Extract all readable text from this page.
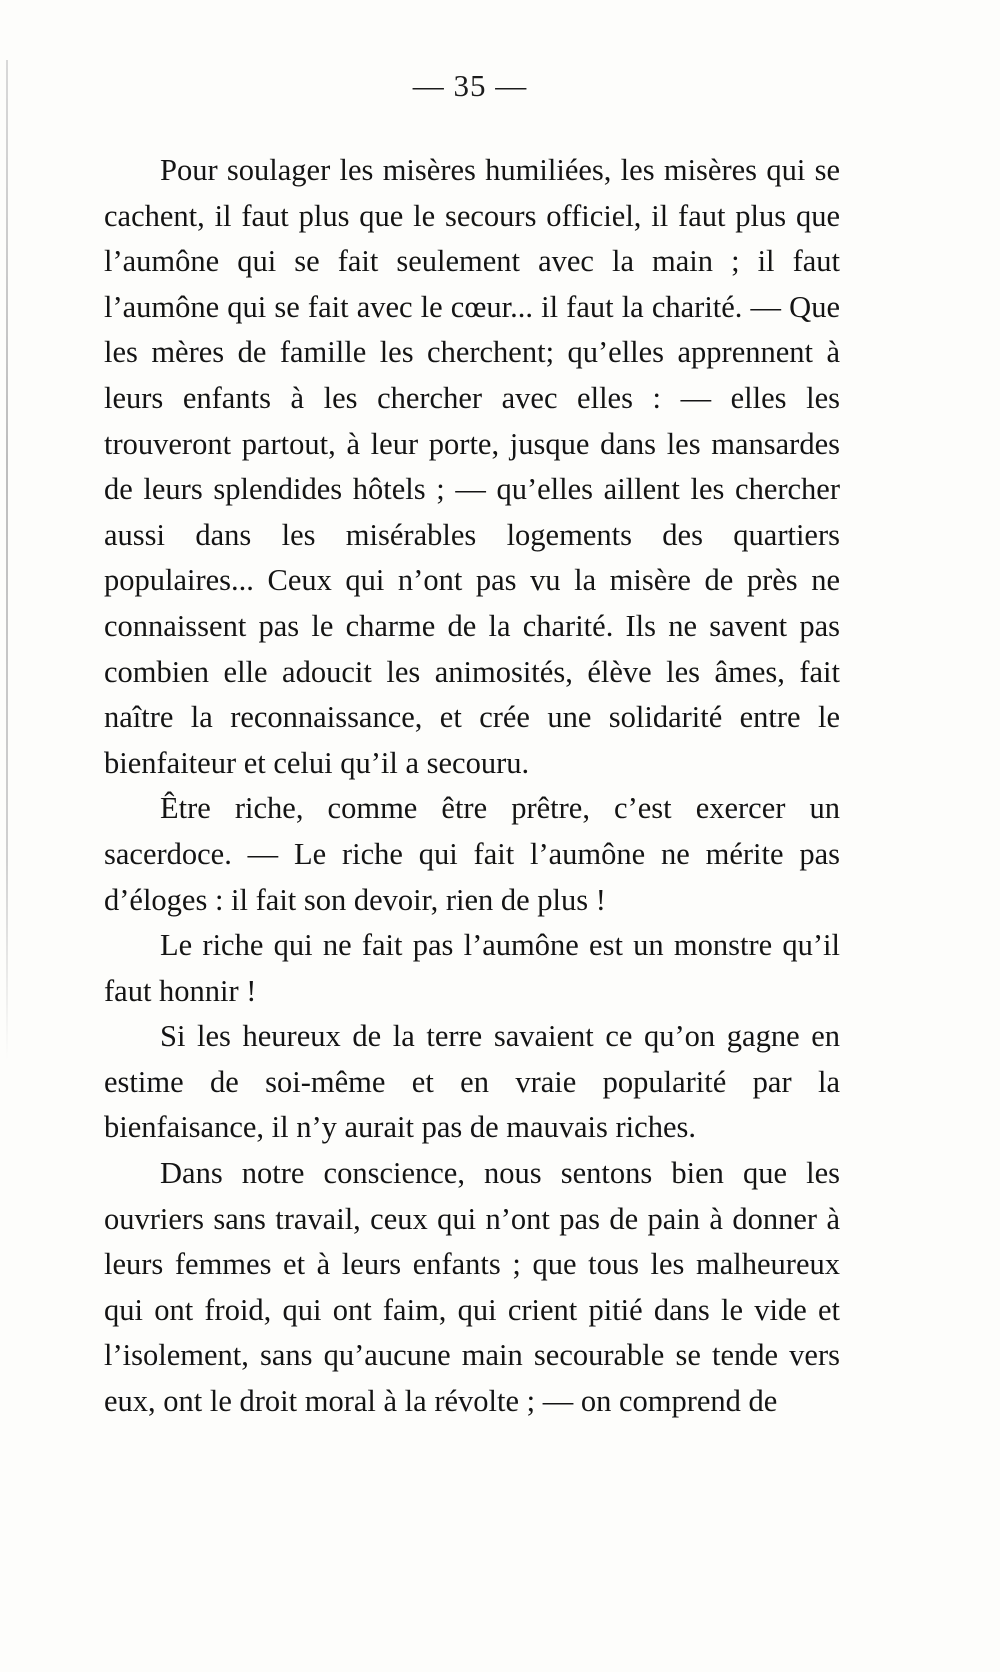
— 35 —

Pour soulager les misères humiliées, les misères qui se cachent, il faut plus que le secours officiel, il faut plus que l’aumône qui se fait seulement avec la main ; il faut l’aumône qui se fait avec le cœur... il faut la charité. — Que les mères de famille les cherchent; qu’elles apprennent à leurs enfants à les chercher avec elles : — elles les trouveront partout, à leur porte, jusque dans les mansardes de leurs splendides hôtels ; — qu’elles aillent les chercher aussi dans les misérables logements des quartiers populaires... Ceux qui n’ont pas vu la misère de près ne connaissent pas le charme de la charité. Ils ne savent pas combien elle adoucit les animosités, élève les âmes, fait naître la reconnaissance, et crée une solidarité entre le bienfaiteur et celui qu’il a secouru.

Être riche, comme être prêtre, c’est exercer un sacerdoce. — Le riche qui fait l’aumône ne mérite pas d’éloges : il fait son devoir, rien de plus !

Le riche qui ne fait pas l’aumône est un monstre qu’il faut honnir !

Si les heureux de la terre savaient ce qu’on gagne en estime de soi-même et en vraie popularité par la bienfaisance, il n’y aurait pas de mauvais riches.

Dans notre conscience, nous sentons bien que les ouvriers sans travail, ceux qui n’ont pas de pain à donner à leurs femmes et à leurs enfants ; que tous les malheureux qui ont froid, qui ont faim, qui crient pitié dans le vide et l’isolement, sans qu’aucune main secourable se tende vers eux, ont le droit moral à la révolte ; — on comprend de
